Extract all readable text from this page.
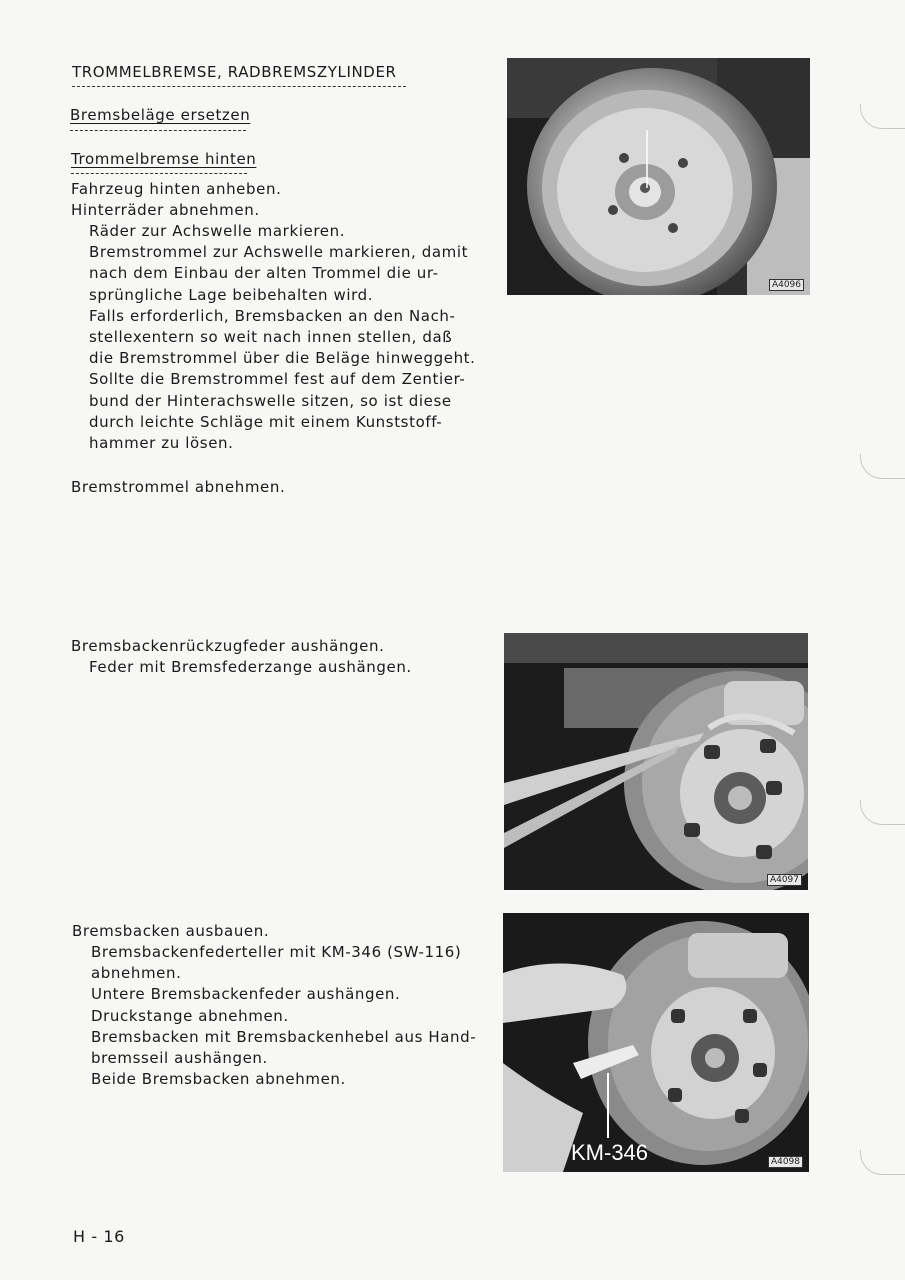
TROMMELBREMSE, RADBREMSZYLINDER
Bremsbeläge ersetzen
Trommelbremse hinten
Fahrzeug hinten anheben.
Hinterräder abnehmen.
Räder zur Achswelle markieren.
Bremstrommel zur Achswelle markieren, damit
nach dem Einbau der alten Trommel die ur-
sprüngliche Lage beibehalten wird.
Falls erforderlich, Bremsbacken an den Nach-
stellexentern so weit nach innen stellen, daß
die Bremstrommel über die Beläge hinweggeht.
Sollte die Bremstrommel fest auf dem Zentier-
bund der Hinterachswelle sitzen, so ist diese
durch leichte Schläge mit einem Kunststoff-
hammer zu lösen.
Bremstrommel abnehmen.
Bremsbackenrückzugfeder aushängen.
Feder mit Bremsfederzange aushängen.
Bremsbacken ausbauen.
Bremsbackenfederteller mit KM-346 (SW-116)
abnehmen.
Untere Bremsbackenfeder aushängen.
Druckstange abnehmen.
Bremsbacken mit Bremsbackenhebel aus Hand-
bremsseil aushängen.
Beide Bremsbacken abnehmen.
A4096
A4097
KM-346	A4098
H - 16
